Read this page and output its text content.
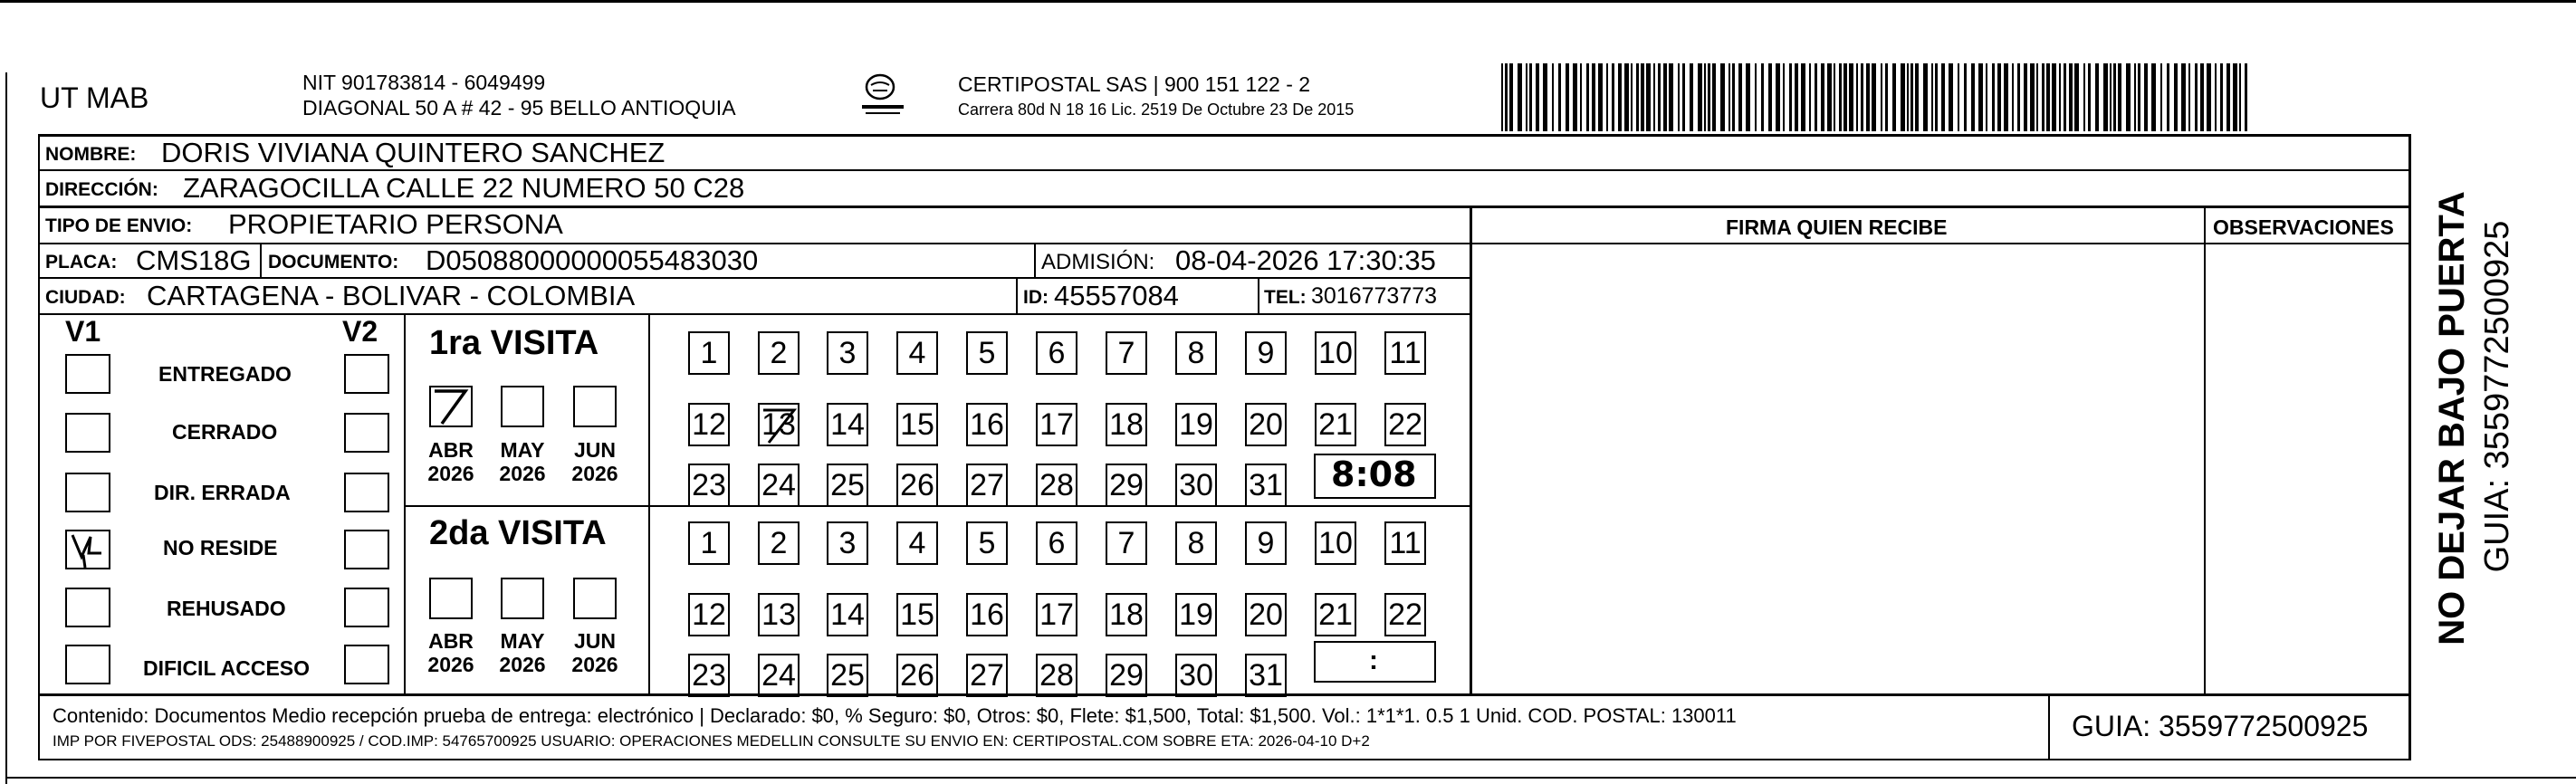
UT MAB	NIT 901783814 - 6049499
DIAGONAL 50 A # 42 - 95 BELLO ANTIOQUIA
CERTIPOSTAL SAS | 900 151 122 - 2
Carrera 80d N 18 16 Lic. 2519 De Octubre 23 De 2015
NOMBRE: DORIS VIVIANA QUINTERO SANCHEZ
DIRECCIÓN: ZARAGOCILLA CALLE 22 NUMERO 50 C28
TIPO DE ENVIO: PROPIETARIO PERSONA
PLACA: CMS18G DOCUMENTO: D05088000000055483030	ADMISIÓN: 08-04-2026 17:30:35
CIUDAD: CARTAGENA - BOLIVAR - COLOMBIA	ID: 45557084	TEL: 3016773773
FIRMA QUIEN RECIBE	OBSERVACIONES
V1	V2
ENTREGADO
CERRADO
DIR. ERRADA
NO RESIDE
REHUSADO
DIFICIL ACCESO
1ra VISITA
ABR
2026
MAY
2026
JUN
2026
1	2	3	4	5	6	7	8	9	10 11
12 13 14 15 16 17 18 19 20 21 22
23 24 25 26 27 28 29 30 31 8:08
2da VISITA
ABR
2026
MAY
2026
JUN
2026
1	2	3	4	5	6	7	8	9	10 11
12 13 14 15 16 17 18 19 20 21 22
23 24 25 26 27 28 29 30 31	:
Contenido: Documentos Medio recepción prueba de entrega: electrónico | Declarado: $0, % Seguro: $0, Otros: $0, Flete: $1,500, Total: $1,500. Vol.: 1*1*1. 0.5 1 Unid. COD. POSTAL: 130011
IMP POR FIVEPOSTAL ODS: 25488900925 / COD.IMP: 54765700925 USUARIO: OPERACIONES MEDELLIN CONSULTE SU ENVIO EN: CERTIPOSTAL.COM SOBRE ETA: 2026-04-10 D+2	GUIA: 3559772500925
NO DEJAR BAJO PUERTA GUIA: 3559772500925
